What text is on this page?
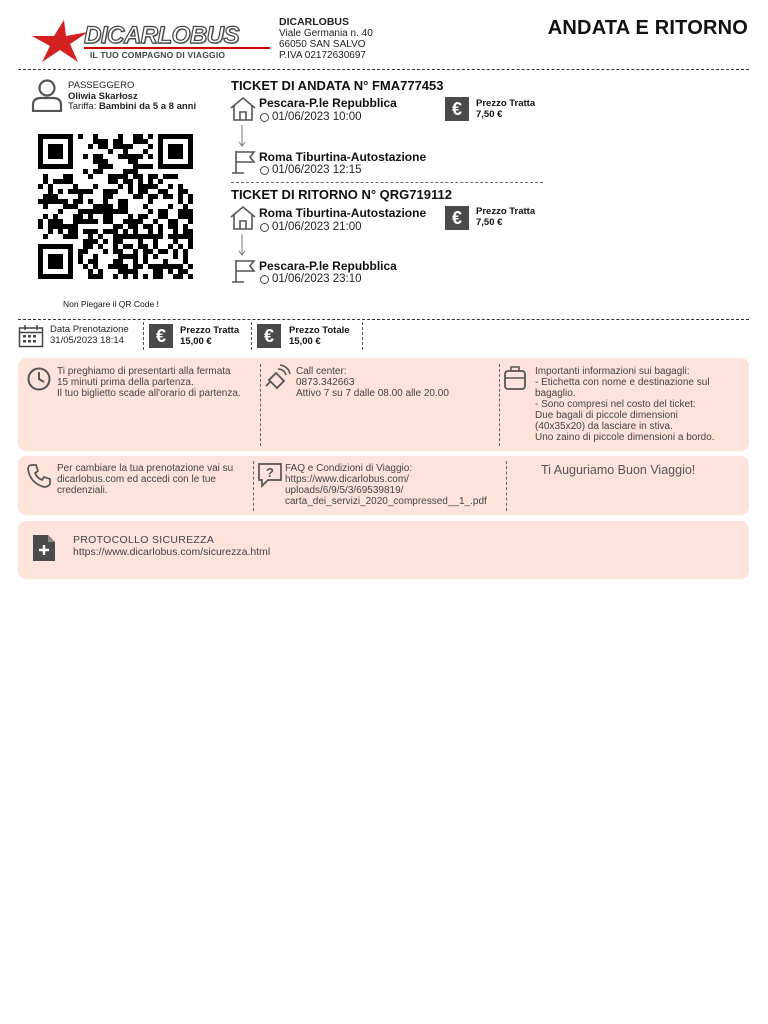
DICARLOBUS
IL TUO COMPAGNO DI VIAGGIO
DICARLOBUS
Viale Germania n. 40
66050 SAN SALVO
P.IVA 02172630697
ANDATA E RITORNO
PASSEGGERO
Oliwia Skarłosz
Tariffa: Bambini da 5 a 8 anni
Non Piegare il QR Code !
TICKET DI ANDATA N° FMA777453
Pescara-P.le Repubblica
01/06/2023 10:00
Roma Tiburtina-Autostazione
01/06/2023 12:15
€	Prezzo Tratta
7,50 €
TICKET DI RITORNO N° QRG719112
Roma Tiburtina-Autostazione
01/06/2023 21:00
Pescara-P.le Repubblica
01/06/2023 23:10
€	Prezzo Tratta
7,50 €
Data Prenotazione
31/05/2023 18:14	€	Prezzo Tratta
15,00 €	€	Prezzo Totale
15,00 €
Ti preghiamo di presentarti alla fermata
15 minuti prima della partenza.
Il tuo biglietto scade all'orario di partenza.
Call center:
0873.342663
Attivo 7 su 7 dalle 08.00 alle 20.00
Importanti informazioni sui bagagli:
- Etichetta con nome e destinazione sul
bagaglio.
- Sono compresi nel costo del ticket:
Due bagali di piccole dimensioni
(40x35x20) da lasciare in stiva.
Uno zaino di piccole dimensioni a bordo.
Per cambiare la tua prenotazione vai su
dicarlobus.com ed accedi con le tue
credenziali.
? FAQ e Condizioni di Viaggio:
https://www.dicarlobus.com/
uploads/6/9/5/3/69539819/
carta_dei_servizi_2020_compressed__1_.pdf
Ti Auguriamo Buon Viaggio!
PROTOCOLLO SICUREZZA
https://www.dicarlobus.com/sicurezza.html
